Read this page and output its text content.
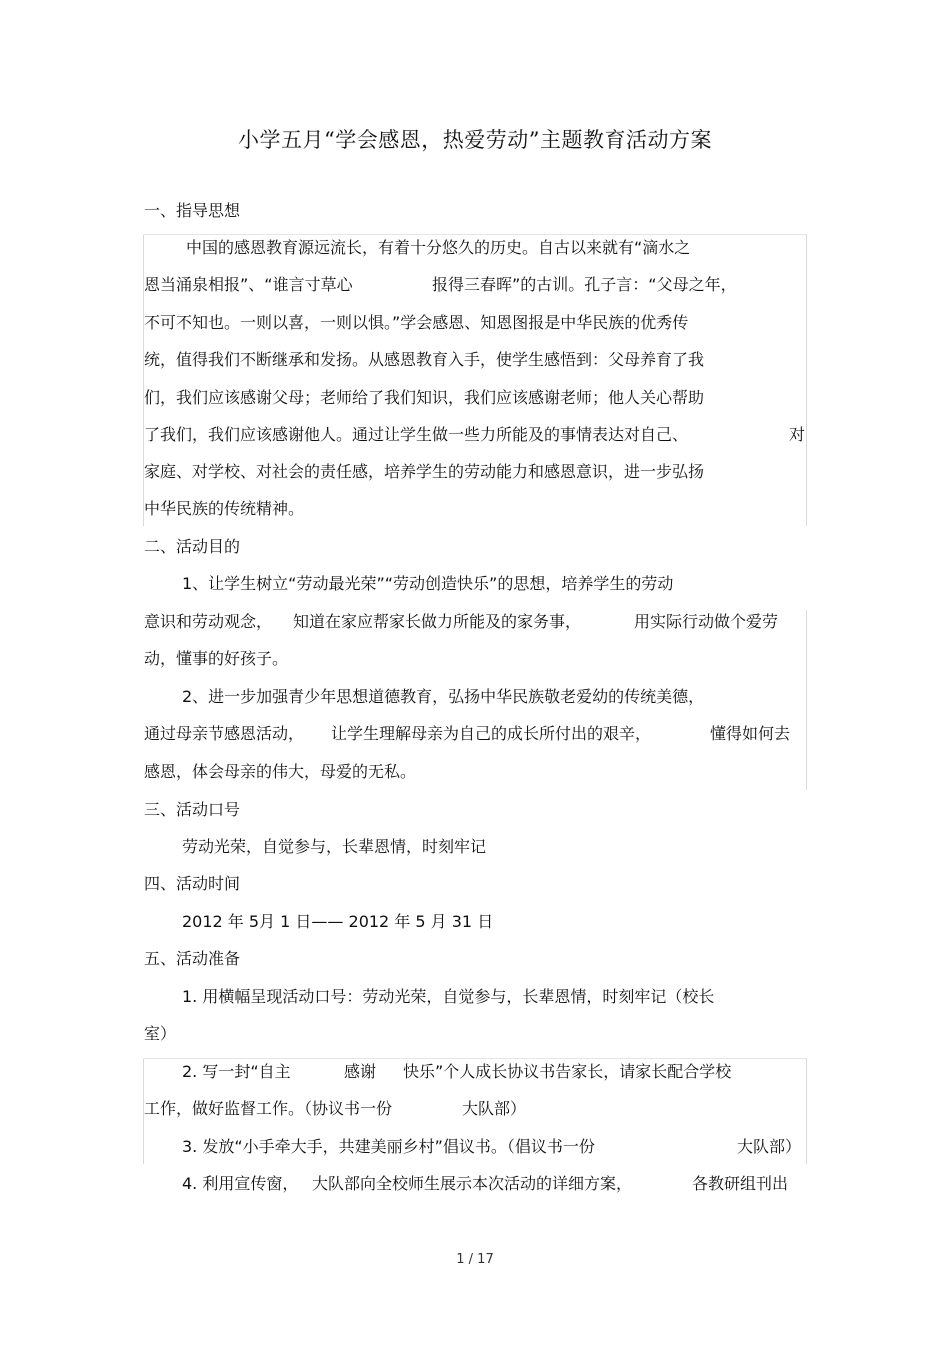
小学五月“学会感恩，热爱劳动”主题教育活动方案
一、指导思想
中国的感恩教育源远流长，有着十分悠久的历史。自古以来就有“滴水之
恩当涌泉相报”、“谁言寸草心	报得三春晖”的古训。孔子言：“父母之年，
不可不知也。一则以喜，一则以惧。”学会感恩、知恩图报是中华民族的优秀传
统，值得我们不断继承和发扬。从感恩教育入手，使学生感悟到：父母养育了我
们，我们应该感谢父母；老师给了我们知识，我们应该感谢老师；他人关心帮助
了我们，我们应该感谢他人。通过让学生做一些力所能及的事情表达对自己、	对
家庭、对学校、对社会的责任感，培养学生的劳动能力和感恩意识，进一步弘扬
中华民族的传统精神。
二、活动目的
1、让学生树立“劳动最光荣”“劳动创造快乐”的思想，培养学生的劳动
意识和劳动观念， 知道在家应帮家长做力所能及的家务事，	用实际行动做个爱劳
动，懂事的好孩子。
2、进一步加强青少年思想道德教育，弘扬中华民族敬老爱幼的传统美德，
通过母亲节感恩活动， 让学生理解母亲为自己的成长所付出的艰辛，	懂得如何去
感恩，体会母亲的伟大，母爱的无私。
三、活动口号
劳动光荣，自觉参与，长辈恩情，时刻牢记
四、活动时间
2012 年 5月 1 日—— 2012 年 5 月 31 日
五、活动准备
1. 用横幅呈现活动口号：劳动光荣，自觉参与，长辈恩情，时刻牢记（校长
室）
2. 写一封“自主	感谢 快乐”个人成长协议书告家长，请家长配合学校
工作，做好监督工作。（协议书一份	大队部）
3. 发放“小手牵大手，共建美丽乡村”倡议书。（倡议书一份	大队部）
4. 利用宣传窗， 大队部向全校师生展示本次活动的详细方案，	各教研组刊出
1 / 17
